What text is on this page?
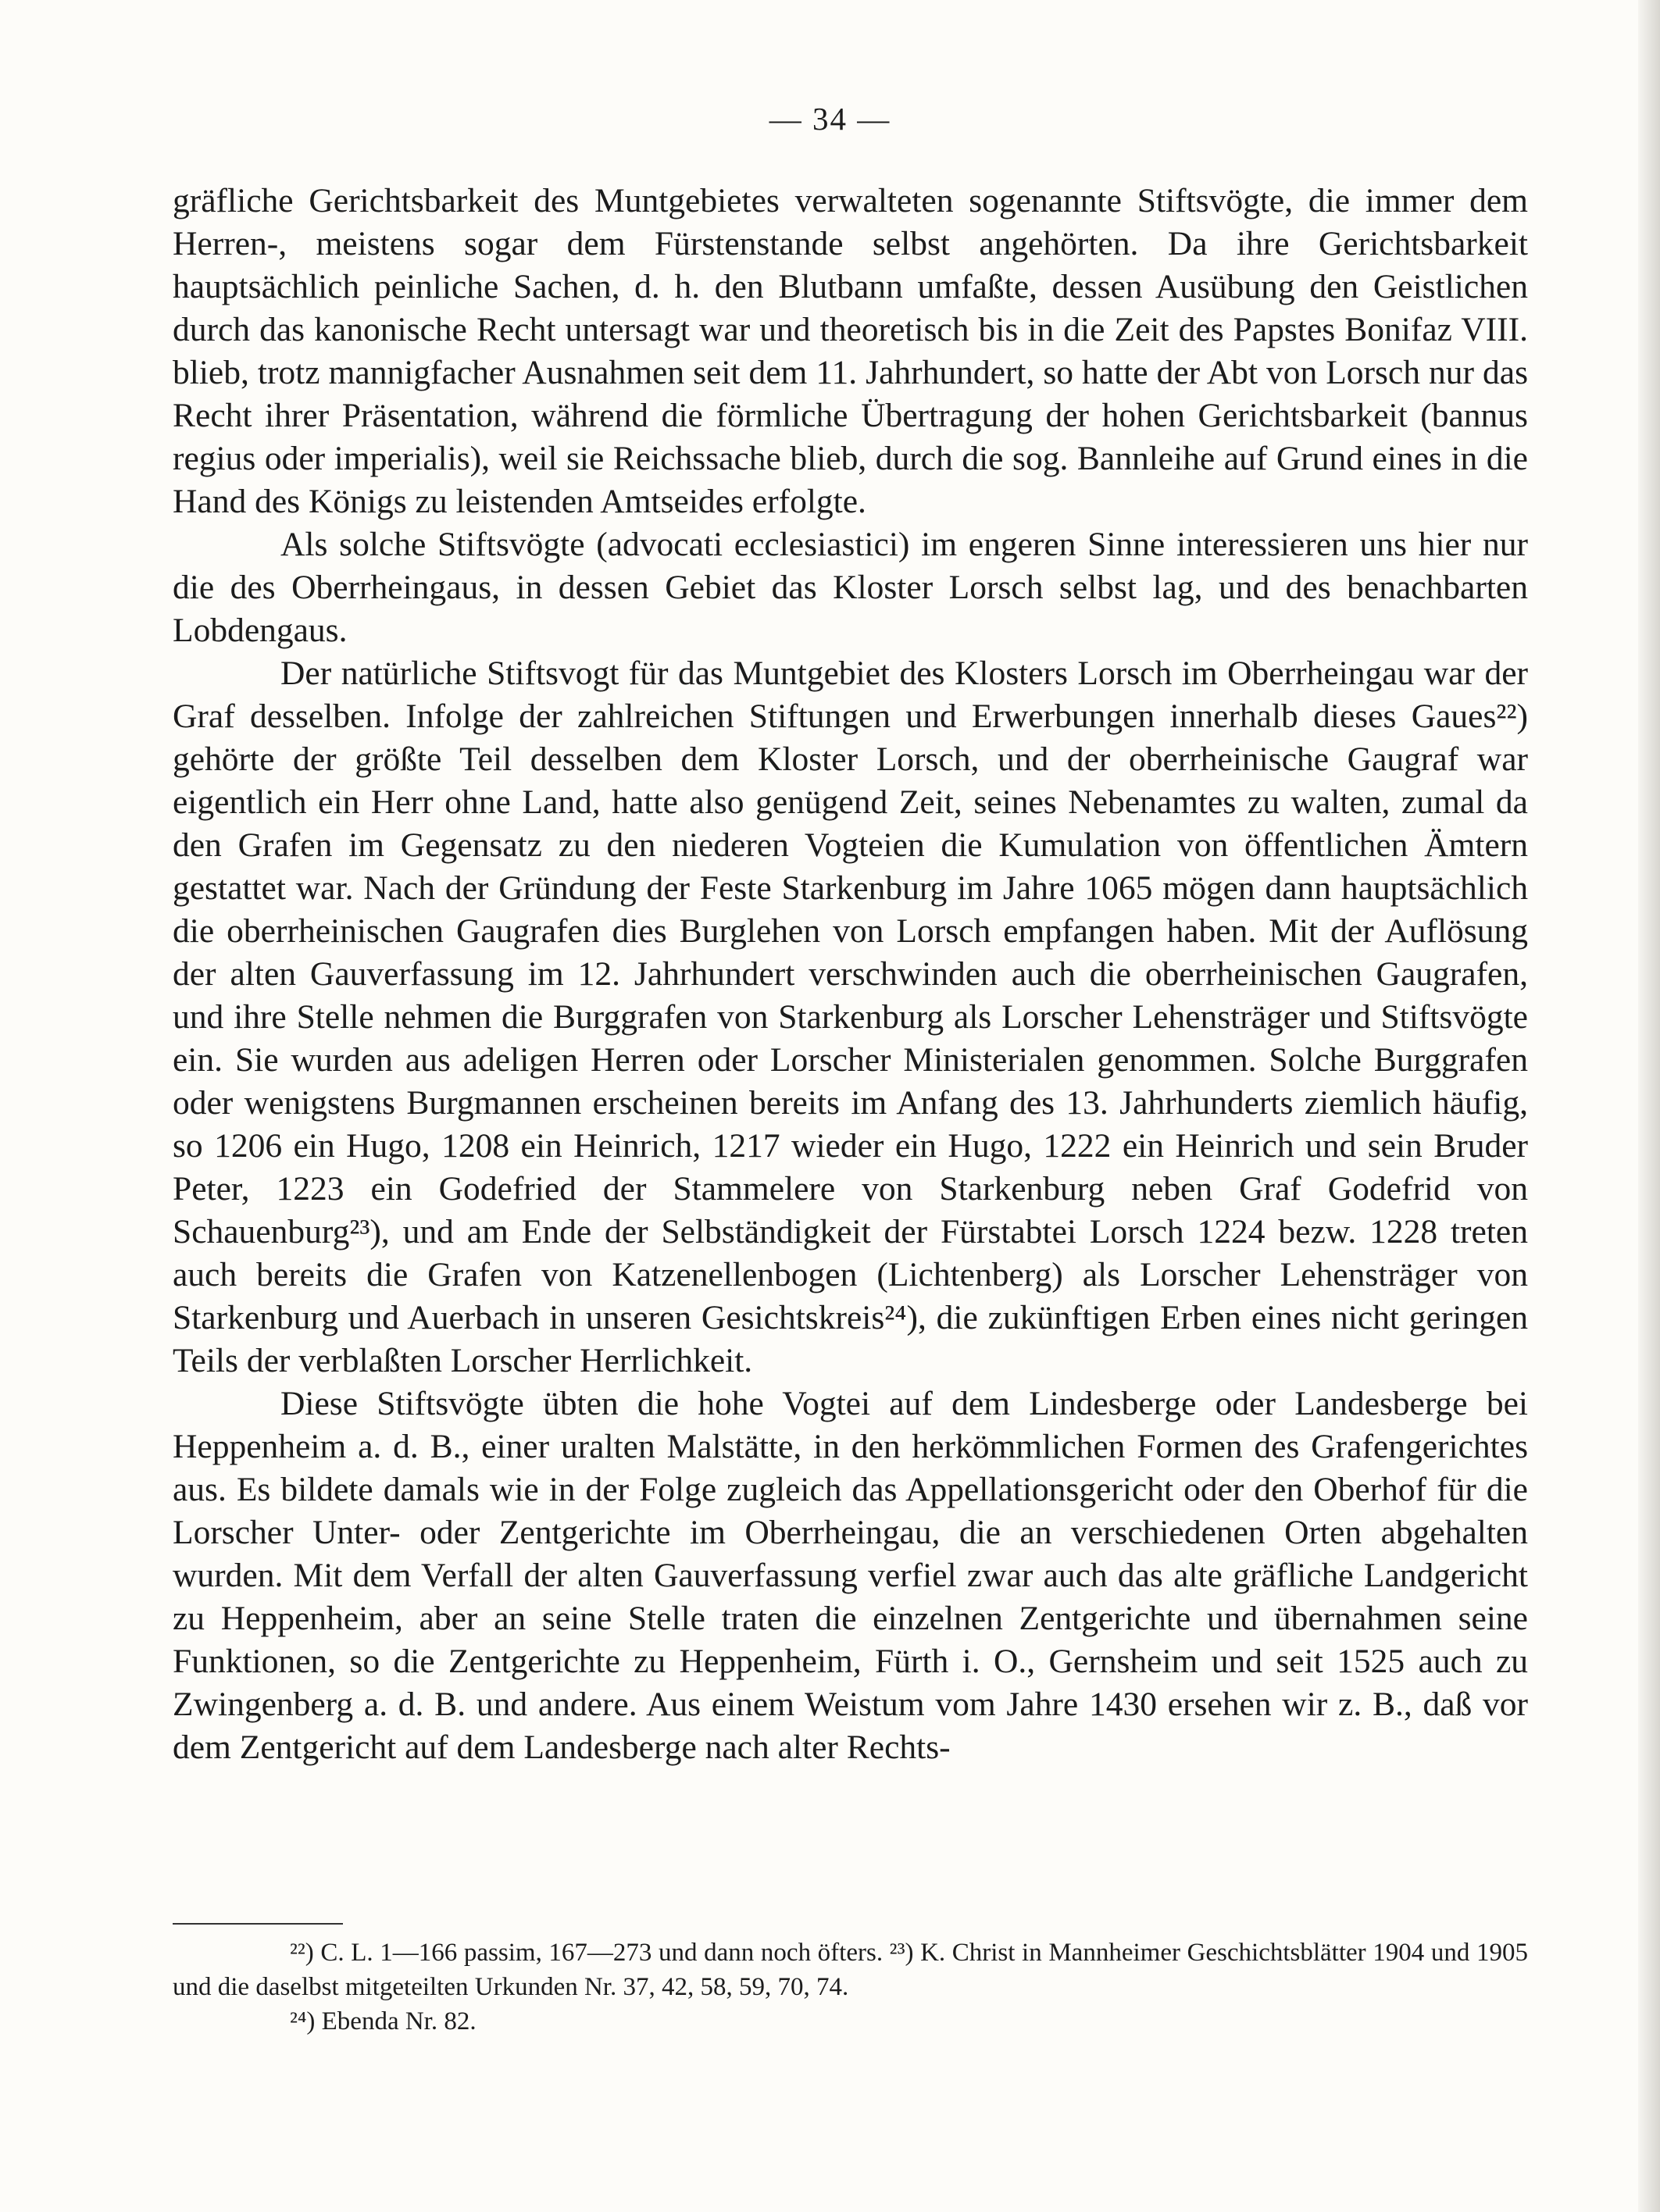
— 34 —

gräfliche Gerichtsbarkeit des Muntgebietes verwalteten sogenannte Stiftsvögte, die immer dem Herren-, meistens sogar dem Fürstenstande selbst angehörten. Da ihre Gerichtsbarkeit hauptsächlich peinliche Sachen, d. h. den Blutbann umfaßte, dessen Ausübung den Geistlichen durch das kanonische Recht untersagt war und theoretisch bis in die Zeit des Papstes Bonifaz VIII. blieb, trotz mannigfacher Ausnahmen seit dem 11. Jahrhundert, so hatte der Abt von Lorsch nur das Recht ihrer Präsentation, während die förmliche Übertragung der hohen Gerichtsbarkeit (bannus regius oder imperialis), weil sie Reichssache blieb, durch die sog. Bannleihe auf Grund eines in die Hand des Königs zu leistenden Amtseides erfolgte.

Als solche Stiftsvögte (advocati ecclesiastici) im engeren Sinne interessieren uns hier nur die des Oberrheingaus, in dessen Gebiet das Kloster Lorsch selbst lag, und des benachbarten Lobdengaus.

Der natürliche Stiftsvogt für das Muntgebiet des Klosters Lorsch im Oberrheingau war der Graf desselben. Infolge der zahlreichen Stiftungen und Erwerbungen innerhalb dieses Gaues²²) gehörte der größte Teil desselben dem Kloster Lorsch, und der oberrheinische Gaugraf war eigentlich ein Herr ohne Land, hatte also genügend Zeit, seines Nebenamtes zu walten, zumal da den Grafen im Gegensatz zu den niederen Vogteien die Kumulation von öffentlichen Ämtern gestattet war. Nach der Gründung der Feste Starkenburg im Jahre 1065 mögen dann hauptsächlich die oberrheinischen Gaugrafen dies Burglehen von Lorsch empfangen haben. Mit der Auflösung der alten Gauverfassung im 12. Jahrhundert verschwinden auch die oberrheinischen Gaugrafen, und ihre Stelle nehmen die Burggrafen von Starkenburg als Lorscher Lehensträger und Stiftsvögte ein. Sie wurden aus adeligen Herren oder Lorscher Ministerialen genommen. Solche Burggrafen oder wenigstens Burgmannen erscheinen bereits im Anfang des 13. Jahrhunderts ziemlich häufig, so 1206 ein Hugo, 1208 ein Heinrich, 1217 wieder ein Hugo, 1222 ein Heinrich und sein Bruder Peter, 1223 ein Godefried der Stammelere von Starkenburg neben Graf Godefrid von Schauenburg²³), und am Ende der Selbständigkeit der Fürstabtei Lorsch 1224 bezw. 1228 treten auch bereits die Grafen von Katzenellenbogen (Lichtenberg) als Lorscher Lehensträger von Starkenburg und Auerbach in unseren Gesichtskreis²⁴), die zukünftigen Erben eines nicht geringen Teils der verblaßten Lorscher Herrlichkeit.

Diese Stiftsvögte übten die hohe Vogtei auf dem Lindesberge oder Landesberge bei Heppenheim a. d. B., einer uralten Malstätte, in den herkömmlichen Formen des Grafengerichtes aus. Es bildete damals wie in der Folge zugleich das Appellationsgericht oder den Oberhof für die Lorscher Unter- oder Zentgerichte im Oberrheingau, die an verschiedenen Orten abgehalten wurden. Mit dem Verfall der alten Gauverfassung verfiel zwar auch das alte gräfliche Landgericht zu Heppenheim, aber an seine Stelle traten die einzelnen Zentgerichte und übernahmen seine Funktionen, so die Zentgerichte zu Heppenheim, Fürth i. O., Gernsheim und seit 1525 auch zu Zwingenberg a. d. B. und andere. Aus einem Weistum vom Jahre 1430 ersehen wir z. B., daß vor dem Zentgericht auf dem Landesberge nach alter Rechts-

²²) C. L. 1—166 passim, 167—273 und dann noch öfters. ²³) K. Christ in Mannheimer Geschichtsblätter 1904 und 1905 und die daselbst mitgeteilten Urkunden Nr. 37, 42, 58, 59, 70, 74.

²⁴) Ebenda Nr. 82.
